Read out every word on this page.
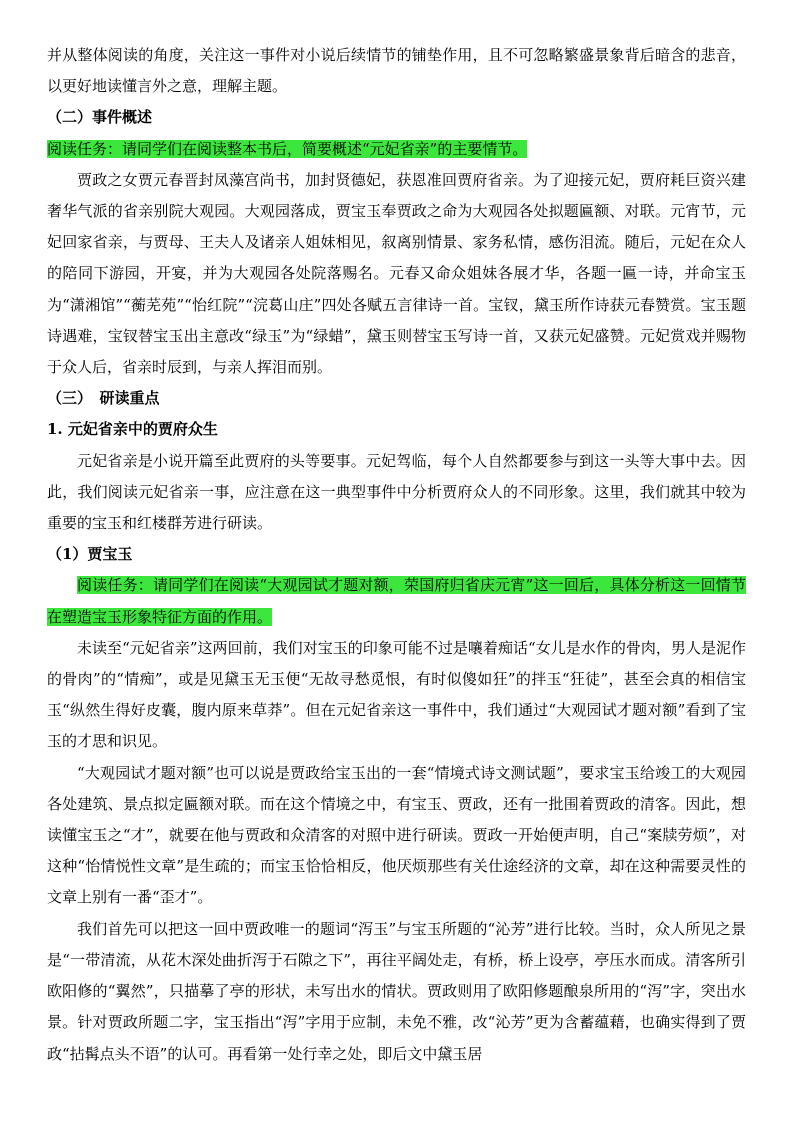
并从整体阅读的角度，关注这一事件对小说后续情节的铺垫作用，且不可忽略繁盛景象背后暗含的悲音，以更好地读懂言外之意，理解主题。

（二）事件概述

阅读任务：请同学们在阅读整本书后，简要概述“元妃省亲”的主要情节。

贾政之女贾元春晋封凤藻宫尚书，加封贤德妃，获恩准回贾府省亲。为了迎接元妃，贾府耗巨资兴建奢华气派的省亲别院大观园。大观园落成，贾宝玉奉贾政之命为大观园各处拟题匾额、对联。元宵节，元妃回家省亲，与贾母、王夫人及诸亲人姐妹相见，叙离别情景、家务私情，感伤泪流。随后，元妃在众人的陪同下游园，开宴，并为大观园各处院落赐名。元春又命众姐妹各展才华，各题一匾一诗，并命宝玉为“潇湘馆”“蘅芜苑”“怡红院”“浣葛山庄”四处各赋五言律诗一首。宝钗，黛玉所作诗获元春赞赏。宝玉题诗遇难，宝钗替宝玉出主意改“绿玉”为“绿蜡”，黛玉则替宝玉写诗一首，又获元妃盛赞。元妃赏戏并赐物于众人后，省亲时辰到，与亲人挥泪而别。

（三）　研读重点

1. 元妃省亲中的贾府众生

元妃省亲是小说开篇至此贾府的头等要事。元妃驾临，每个人自然都要参与到这一头等大事中去。因此，我们阅读元妃省亲一事，应注意在这一典型事件中分析贾府众人的不同形象。这里，我们就其中较为重要的宝玉和红楼群芳进行研读。

（1）贾宝玉

阅读任务：请同学们在阅读“大观园试才题对额，荣国府归省庆元宵”这一回后，具体分析这一回情节在塑造宝玉形象特征方面的作用。

未读至“元妃省亲”这两回前，我们对宝玉的印象可能不过是嚷着痴话“女儿是水作的骨肉，男人是泥作的骨肉”的“情痴”，或是见黛玉无玉便“无故寻愁觅恨，有时似傻如狂”的拌玉“狂徒”，甚至会真的相信宝玉“纵然生得好皮囊，腹内原来草莽”。但在元妃省亲这一事件中，我们通过“大观园试才题对额”看到了宝玉的才思和识见。

“大观园试才题对额”也可以说是贾政给宝玉出的一套“情境式诗文测试题”，要求宝玉给竣工的大观园各处建筑、景点拟定匾额对联。而在这个情境之中，有宝玉、贾政，还有一批围着贾政的清客。因此，想读懂宝玉之“才”，就要在他与贾政和众清客的对照中进行研读。贾政一开始便声明，自己“案牍劳烦”，对这种“怡情悦性文章”是生疏的；而宝玉恰恰相反，他厌烦那些有关仕途经济的文章，却在这种需要灵性的文章上别有一番“歪才”。

我们首先可以把这一回中贾政唯一的题词“泻玉”与宝玉所题的“沁芳”进行比较。当时，众人所见之景是“一带清流，从花木深处曲折泻于石隙之下”，再往平阔处走，有桥，桥上设亭，亭压水而成。清客所引欧阳修的“翼然”，只描摹了亭的形状，未写出水的情状。贾政则用了欧阳修题酿泉所用的“泻”字，突出水景。针对贾政所题二字，宝玉指出“泻”字用于应制，未免不雅，改“沁芳”更为含蓄蕴藉，也确实得到了贾政“拈髯点头不语”的认可。再看第一处行幸之处，即后文中黛玉居
